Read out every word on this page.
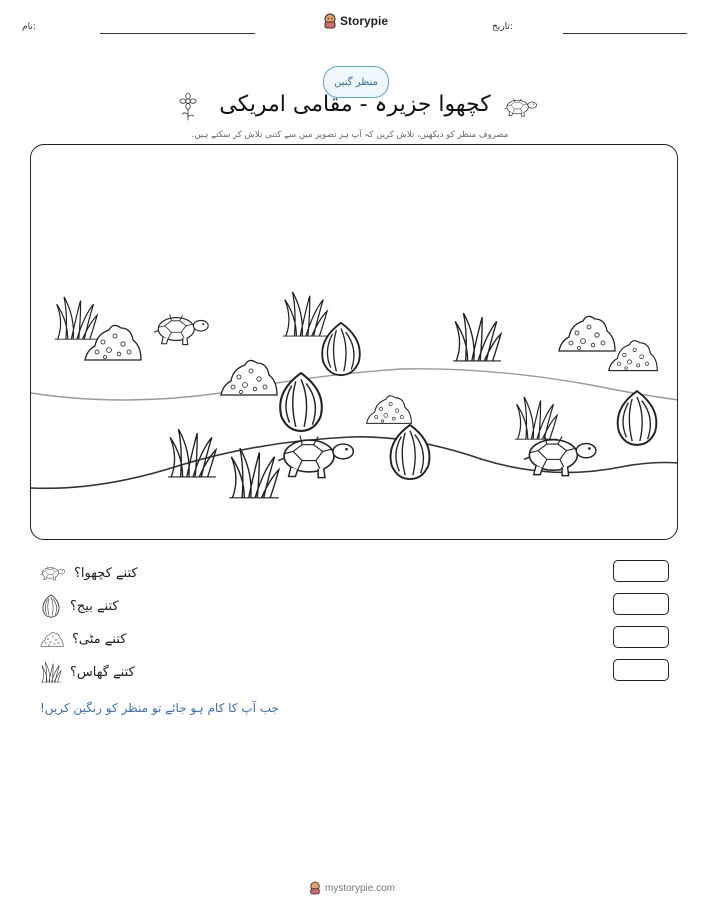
نام:	Storypie	تاریخ:
منظر گنیں
کچھوا جزیرہ - مقامی امریکی
مصروف منظر کو دیکھیں، تلاش کریں کہ آپ ہر تصویر میں سے کتنی تلاش کر سکتے ہیں.
کتنے کچھوا؟
کتنے بیج؟
کتنے مٹی؟
کتنے گھاس؟
جب آپ کا کام ہو جائے تو منظر کو رنگین کریں!
mystorypie.com
